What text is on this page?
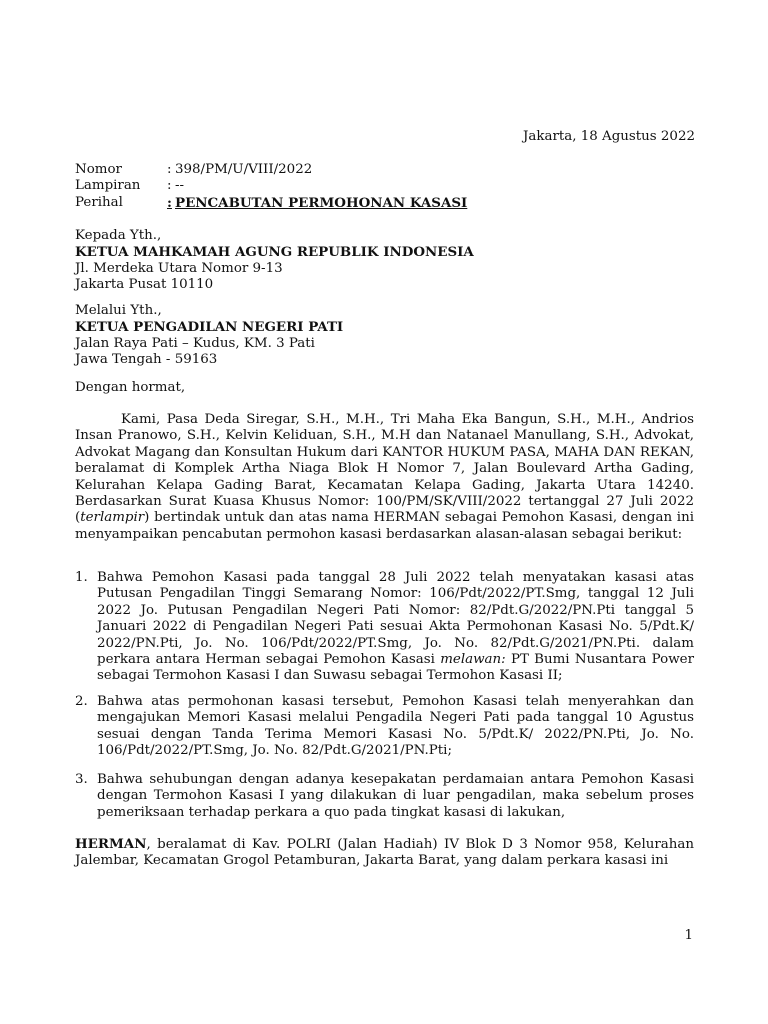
Jakarta, 18 Agustus 2022
Nomor	: 398/PM/U/VIII/2022
Lampiran	: --
Perihal	: PENCABUTAN PERMOHONAN KASASI
Kepada Yth.,
KETUA MAHKAMAH AGUNG REPUBLIK INDONESIA
Jl. Merdeka Utara Nomor 9-13
Jakarta Pusat 10110
Melalui Yth.,
KETUA PENGADILAN NEGERI PATI
Jalan Raya Pati – Kudus, KM. 3 Pati
Jawa Tengah - 59163
Dengan hormat,
Kami, Pasa Deda Siregar, S.H., M.H., Tri Maha Eka Bangun, S.H., M.H., Andrios Insan Pranowo, S.H., Kelvin Keliduan, S.H., M.H dan Natanael Manullang, S.H., Advokat, Advokat Magang dan Konsultan Hukum dari KANTOR HUKUM PASA, MAHA DAN REKAN, beralamat di Komplek Artha Niaga Blok H Nomor 7, Jalan Boulevard Artha Gading, Kelurahan Kelapa Gading Barat, Kecamatan Kelapa Gading, Jakarta Utara 14240. Berdasarkan Surat Kuasa Khusus Nomor: 100/PM/SK/VIII/2022 tertanggal 27 Juli 2022 (terlampir) bertindak untuk dan atas nama HERMAN sebagai Pemohon Kasasi, dengan ini menyampaikan pencabutan permohon kasasi berdasarkan alasan-alasan sebagai berikut:
1. Bahwa Pemohon Kasasi pada tanggal 28 Juli 2022 telah menyatakan kasasi atas Putusan Pengadilan Tinggi Semarang Nomor: 106/Pdt/2022/PT.Smg, tanggal 12 Juli 2022 Jo. Putusan Pengadilan Negeri Pati Nomor: 82/Pdt.G/2022/PN.Pti tanggal 5 Januari 2022 di Pengadilan Negeri Pati sesuai Akta Permohonan Kasasi No. 5/Pdt.K/ 2022/PN.Pti, Jo. No. 106/Pdt/2022/PT.Smg, Jo. No. 82/Pdt.G/2021/PN.Pti. dalam perkara antara Herman sebagai Pemohon Kasasi melawan: PT Bumi Nusantara Power sebagai Termohon Kasasi I dan Suwasu sebagai Termohon Kasasi II;
2. Bahwa atas permohonan kasasi tersebut, Pemohon Kasasi telah menyerahkan dan mengajukan Memori Kasasi melalui Pengadila Negeri Pati pada tanggal 10 Agustus sesuai dengan Tanda Terima Memori Kasasi No. 5/Pdt.K/ 2022/PN.Pti, Jo. No. 106/Pdt/2022/PT.Smg, Jo. No. 82/Pdt.G/2021/PN.Pti;
3. Bahwa sehubungan dengan adanya kesepakatan perdamaian antara Pemohon Kasasi dengan Termohon Kasasi I yang dilakukan di luar pengadilan, maka sebelum proses pemeriksaan terhadap perkara a quo pada tingkat kasasi di lakukan,
HERMAN, beralamat di Kav. POLRI (Jalan Hadiah) IV Blok D 3 Nomor 958, Kelurahan Jalembar, Kecamatan Grogol Petamburan, Jakarta Barat, yang dalam perkara kasasi ini
1
